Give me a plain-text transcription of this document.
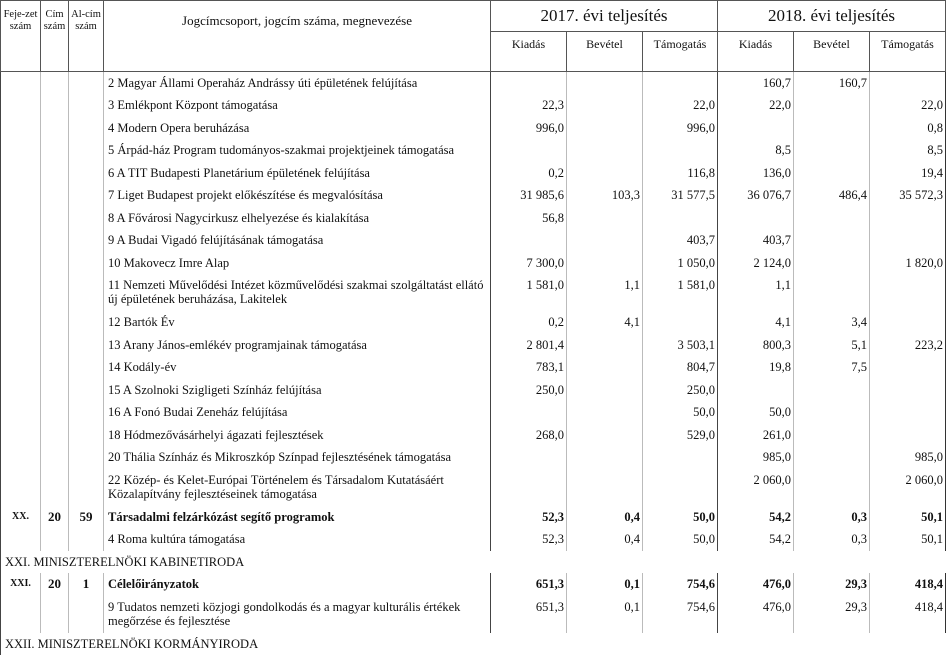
Feje-zet szám	Cím szám	Al-cím szám	Jogcímcsoport, jogcím száma, megnevezése	2017. évi teljesítés			2018. évi teljesítés		
				Kiadás	Bevétel	Támogatás	Kiadás	Bevétel	Támogatás
			2 Magyar Állami Operaház Andrássy úti épületének felújítása				160,7	160,7	
			3 Emlékpont Központ támogatása	22,3		22,0	22,0		22,0
			4 Modern Opera beruházása	996,0		996,0			0,8
			5 Árpád-ház Program tudományos-szakmai projektjeinek támogatása				8,5		8,5
			6 A TIT Budapesti Planetárium épületének felújítása	0,2		116,8	136,0		19,4
			7 Liget Budapest projekt előkészítése és megvalósítása	31 985,6	103,3	31 577,5	36 076,7	486,4	35 572,3
			8 A Fővárosi Nagycirkusz elhelyezése és kialakítása	56,8					
			9 A Budai Vigadó felújításának támogatása			403,7	403,7		
			10 Makovecz Imre Alap	7 300,0		1 050,0	2 124,0		1 820,0
			11 Nemzeti Művelődési Intézet közművelődési szakmai szolgáltatást ellátó új épületének beruházása, Lakitelek	1 581,0	1,1	1 581,0	1,1		
			12 Bartók Év	0,2	4,1		4,1	3,4	
			13 Arany János-emlékév programjainak támogatása	2 801,4		3 503,1	800,3	5,1	223,2
			14 Kodály-év	783,1		804,7	19,8	7,5	
			15 A Szolnoki Szigligeti Színház felújítása	250,0		250,0			
			16 A Fonó Budai Zeneház felújítása			50,0	50,0		
			18 Hódmezővásárhelyi ágazati fejlesztések	268,0		529,0	261,0		
			20 Thália Színház és Mikroszkóp Színpad fejlesztésének támogatása				985,0		985,0
			22 Közép- és Kelet-Európai Történelem és Társadalom Kutatásáért Közalapítvány fejlesztéseinek támogatása				2 060,0		2 060,0
XX.	20	59	Társadalmi felzárkózást segítő programok	52,3	0,4	50,0	54,2	0,3	50,1
			4 Roma kultúra támogatása	52,3	0,4	50,0	54,2	0,3	50,1
XXI. MINISZTERELNÖKI KABINETIRODA									
XXI.	20	1	Célelőirányzatok	651,3	0,1	754,6	476,0	29,3	418,4
			9 Tudatos nemzeti közjogi gondolkodás és a magyar kulturális értékek megőrzése és fejlesztése	651,3	0,1	754,6	476,0	29,3	418,4
XXII. MINISZTERELNÖKI KORMÁNYIRODA									
